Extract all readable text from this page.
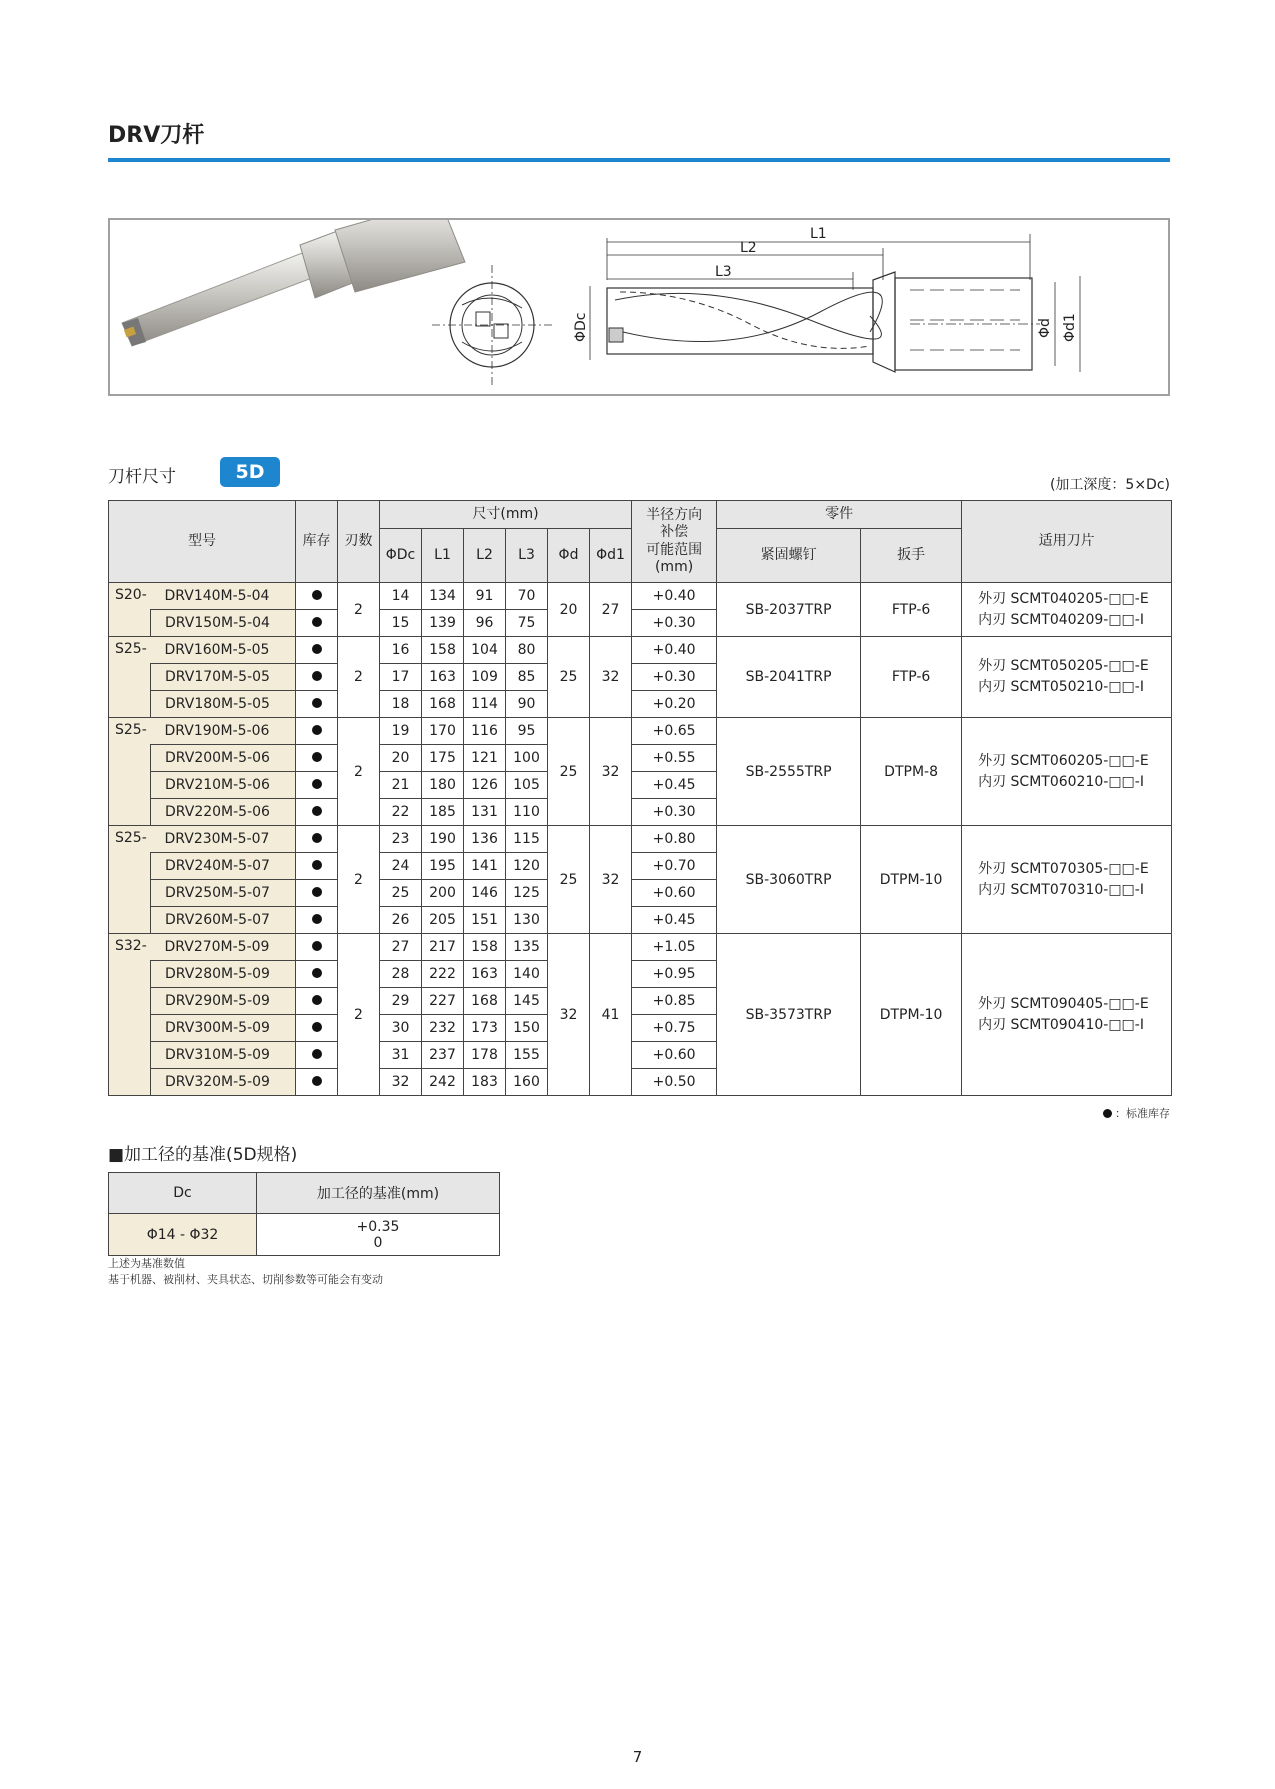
DRV刀杆
L1
L2
L3
ΦDc	Φd Φd1
刀杆尺寸	5D
(加工深度：5×Dc)
型号		库存	刃数	尺寸(mm)						半径方向
补偿
可能范围
(mm)	零件		适用刀片
				ΦDc	L1	L2	L3	Φd	Φd1		紧固螺钉	扳手	
S20-	DRV140M-5-04		2	14	134	91	70	20	27	+0.40	SB-2037TRP	FTP-6	外刃 SCMT040205-□□-E
内刃 SCMT040209-□□-I

	DRV150M-5-04			15	139	96	75			+0.30			
S25-	DRV160M-5-05		2	16	158	104	80	25	32	+0.40	SB-2041TRP	FTP-6	外刃 SCMT050205-□□-E
内刃 SCMT050210-□□-I

	DRV170M-5-05			17	163	109	85			+0.30			
	DRV180M-5-05			18	168	114	90			+0.20			
S25-	DRV190M-5-06		2	19	170	116	95	25	32	+0.65	SB-2555TRP	DTPM-8	外刃 SCMT060205-□□-E
内刃 SCMT060210-□□-I

	DRV200M-5-06			20	175	121	100			+0.55			
	DRV210M-5-06			21	180	126	105			+0.45			
	DRV220M-5-06			22	185	131	110			+0.30			
S25-	DRV230M-5-07		2	23	190	136	115	25	32	+0.80	SB-3060TRP	DTPM-10	外刃 SCMT070305-□□-E
内刃 SCMT070310-□□-I

	DRV240M-5-07			24	195	141	120			+0.70			
	DRV250M-5-07			25	200	146	125			+0.60			
	DRV260M-5-07			26	205	151	130			+0.45			
S32-	DRV270M-5-09		2	27	217	158	135	32	41	+1.05	SB-3573TRP	DTPM-10	外刃 SCMT090405-□□-E
内刃 SCMT090410-□□-I

	DRV280M-5-09			28	222	163	140			+0.95			
	DRV290M-5-09			29	227	168	145			+0.85			
	DRV300M-5-09			30	232	173	150			+0.75			
	DRV310M-5-09			31	237	178	155			+0.60			
	DRV320M-5-09			32	242	183	160			+0.50			
：标准库存
■加工径的基准(5D规格)
Dc	加工径的基准(mm)
Φ14 - Φ32	+0.35
0
上述为基准数值
基于机器、被削材、夹具状态、切削参数等可能会有变动
7
